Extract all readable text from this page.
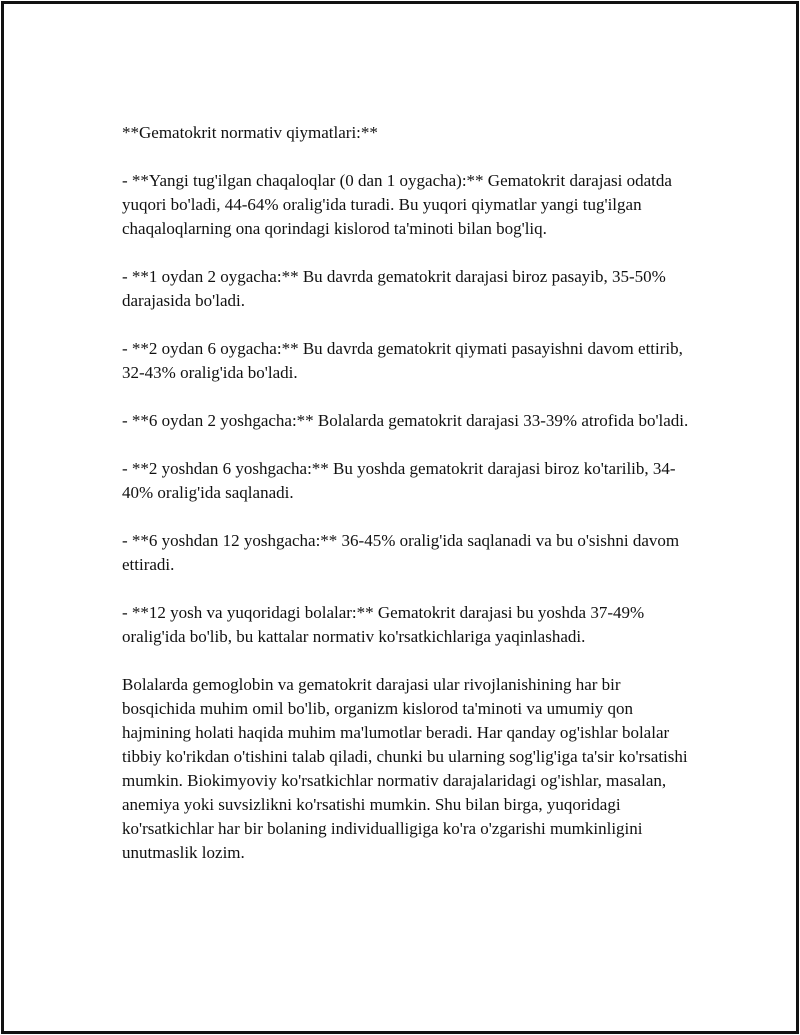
**Gematokrit normativ qiymatlari:**

- **Yangi tug'ilgan chaqaloqlar (0 dan 1 oygacha):** Gematokrit darajasi odatda yuqori bo'ladi, 44-64% oralig'ida turadi. Bu yuqori qiymatlar yangi tug'ilgan chaqaloqlarning ona qorindagi kislorod ta'minoti bilan bog'liq.

- **1 oydan 2 oygacha:** Bu davrda gematokrit darajasi biroz pasayib, 35-50% darajasida bo'ladi.

- **2 oydan 6 oygacha:** Bu davrda gematokrit qiymati pasayishni davom ettirib, 32-43% oralig'ida bo'ladi.

- **6 oydan 2 yoshgacha:** Bolalarda gematokrit darajasi 33-39% atrofida bo'ladi.

- **2 yoshdan 6 yoshgacha:** Bu yoshda gematokrit darajasi biroz ko'tarilib, 34-40% oralig'ida saqlanadi.

- **6 yoshdan 12 yoshgacha:** 36-45% oralig'ida saqlanadi va bu o'sishni davom ettiradi.

- **12 yosh va yuqoridagi bolalar:** Gematokrit darajasi bu yoshda 37-49% oralig'ida bo'lib, bu kattalar normativ ko'rsatkichlariga yaqinlashadi.

Bolalarda gemoglobin va gematokrit darajasi ular rivojlanishining har bir bosqichida muhim omil bo'lib, organizm kislorod ta'minoti va umumiy qon hajmining holati haqida muhim ma'lumotlar beradi. Har qanday og'ishlar bolalar tibbiy ko'rikdan o'tishini talab qiladi, chunki bu ularning sog'lig'iga ta'sir ko'rsatishi mumkin. Biokimyoviy ko'rsatkichlar normativ darajalaridagi og'ishlar, masalan, anemiya yoki suvsizlikni ko'rsatishi mumkin. Shu bilan birga, yuqoridagi ko'rsatkichlar har bir bolaning individualligiga ko'ra o'zgarishi mumkinligini unutmaslik lozim.
